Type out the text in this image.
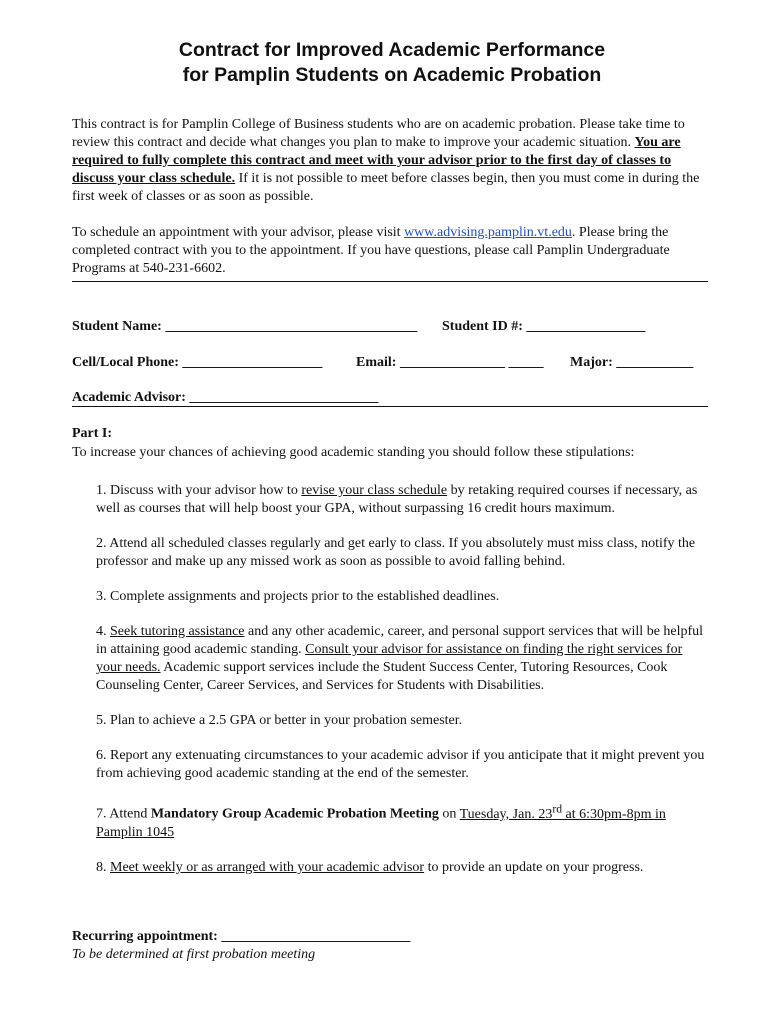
Contract for Improved Academic Performance
for Pamplin Students on Academic Probation

This contract is for Pamplin College of Business students who are on academic probation. Please take time to review this contract and decide what changes you plan to make to improve your academic situation. You are required to fully complete this contract and meet with your advisor prior to the first day of classes to discuss your class schedule. If it is not possible to meet before classes begin, then you must come in during the first week of classes or as soon as possible.

To schedule an appointment with your advisor, please visit www.advising.pamplin.vt.edu. Please bring the completed contract with you to the appointment. If you have questions, please call Pamplin Undergraduate Programs at 540-231-6602.

Student Name: ____________________________________ Student ID #: _________________
Cell/Local Phone: ____________________ Email: _______________ _____ Major: ___________
Academic Advisor: ___________________________
Part I:
To increase your chances of achieving good academic standing you should follow these stipulations:

1. Discuss with your advisor how to revise your class schedule by retaking required courses if necessary, as well as courses that will help boost your GPA, without surpassing 16 credit hours maximum.

2. Attend all scheduled classes regularly and get early to class. If you absolutely must miss class, notify the professor and make up any missed work as soon as possible to avoid falling behind.

3. Complete assignments and projects prior to the established deadlines.

4. Seek tutoring assistance and any other academic, career, and personal support services that will be helpful in attaining good academic standing. Consult your advisor for assistance on finding the right services for your needs. Academic support services include the Student Success Center, Tutoring Resources, Cook Counseling Center, Career Services, and Services for Students with Disabilities.

5. Plan to achieve a 2.5 GPA or better in your probation semester.

6. Report any extenuating circumstances to your academic advisor if you anticipate that it might prevent you from achieving good academic standing at the end of the semester.

7. Attend Mandatory Group Academic Probation Meeting on Tuesday, Jan. 23rd at 6:30pm-8pm in Pamplin 1045

8. Meet weekly or as arranged with your academic advisor to provide an update on your progress.

Recurring appointment: ___________________________
To be determined at first probation meeting
